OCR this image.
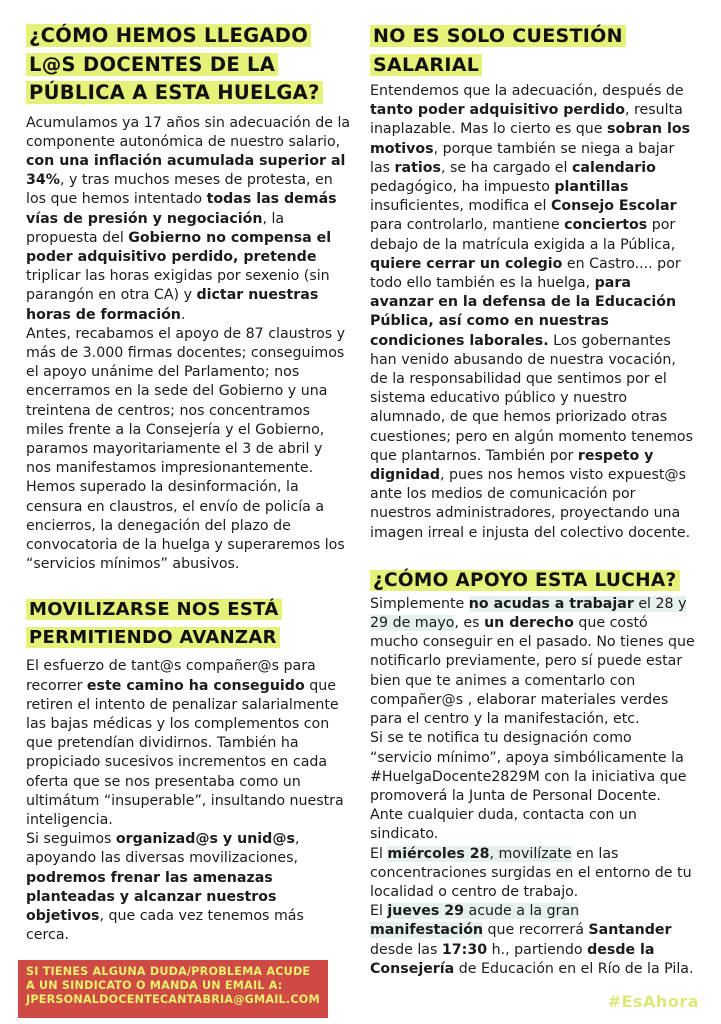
¿CÓMO HEMOS LLEGADO L@S DOCENTES DE LA PÚBLICA A ESTA HUELGA?

Acumulamos ya 17 años sin adecuación de la componente autonómica de nuestro salario, con una inflación acumulada superior al 34%, y tras muchos meses de protesta, en los que hemos intentado todas las demás vías de presión y negociación, la propuesta del Gobierno no compensa el poder adquisitivo perdido, pretende triplicar las horas exigidas por sexenio (sin parangón en otra CA) y dictar nuestras horas de formación.

Antes, recabamos el apoyo de 87 claustros y más de 3.000 firmas docentes; conseguimos el apoyo unánime del Parlamento; nos encerramos en la sede del Gobierno y una treintena de centros; nos concentramos miles frente a la Consejería y el Gobierno, paramos mayoritariamente el 3 de abril y nos manifestamos impresionantemente. Hemos superado la desinformación, la censura en claustros, el envío de policía a encierros, la denegación del plazo de convocatoria de la huelga y superaremos los “servicios mínimos” abusivos.

MOVILIZARSE NOS ESTÁ PERMITIENDO AVANZAR

El esfuerzo de tant@s compañer@s para recorrer este camino ha conseguido que retiren el intento de penalizar salarialmente las bajas médicas y los complementos con que pretendían dividirnos. También ha propiciado sucesivos incrementos en cada oferta que se nos presentaba como un ultimátum “insuperable”, insultando nuestra inteligencia.

Si seguimos organizad@s y unid@s, apoyando las diversas movilizaciones, podremos frenar las amenazas planteadas y alcanzar nuestros objetivos, que cada vez tenemos más cerca.

SI TIENES ALGUNA DUDA/PROBLEMA ACUDE A UN SINDICATO O MANDA UN EMAIL A:
JPERSONALDOCENTECANTABRIA@GMAIL.COM
NO ES SOLO CUESTIÓN SALARIAL

Entendemos que la adecuación, después de tanto poder adquisitivo perdido, resulta inaplazable. Mas lo cierto es que sobran los motivos, porque también se niega a bajar las ratios, se ha cargado el calendario pedagógico, ha impuesto plantillas insuficientes, modifica el Consejo Escolar para controlarlo, mantiene conciertos por debajo de la matrícula exigida a la Pública, quiere cerrar un colegio en Castro.... por todo ello también es la huelga, para avanzar en la defensa de la Educación Pública, así como en nuestras condiciones laborales. Los gobernantes han venido abusando de nuestra vocación, de la responsabilidad que sentimos por el sistema educativo público y nuestro alumnado, de que hemos priorizado otras cuestiones; pero en algún momento tenemos que plantarnos. También por respeto y dignidad, pues nos hemos visto expuest@s ante los medios de comunicación por nuestros administradores, proyectando una imagen irreal e injusta del colectivo docente.

¿CÓMO APOYO ESTA LUCHA?

Simplemente no acudas a trabajar el 28 y 29 de mayo, es un derecho que costó mucho conseguir en el pasado. No tienes que notificarlo previamente, pero sí puede estar bien que te animes a comentarlo con compañer@s , elaborar materiales verdes para el centro y la manifestación, etc.

Si se te notifica tu designación como “servicio mínimo”, apoya simbólicamente la #HuelgaDocente2829M con la iniciativa que promoverá la Junta de Personal Docente. Ante cualquier duda, contacta con un sindicato.

El miércoles 28, movilízate en las concentraciones surgidas en el entorno de tu localidad o centro de trabajo.

El jueves 29 acude a la gran manifestación que recorrerá Santander desde las 17:30 h., partiendo desde la Consejería de Educación en el Río de la Pila.

#EsAhora
